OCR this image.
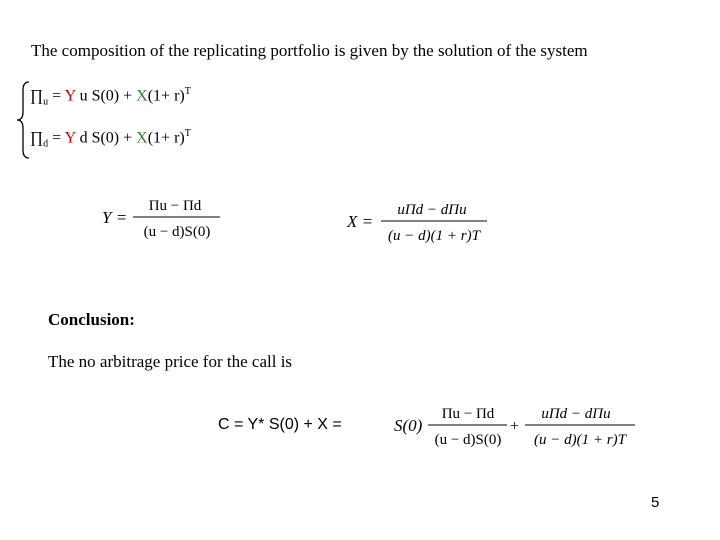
The composition of the replicating portfolio is given by the solution of the system
$\prod_u = Y$ u $S(0) + X(1+ r)^T$
$\prod_d = Y$ d $S(0) + X(1+ r)^T$
Y =
Πu − Πd
(u − d)S(0)
X =
uΠd − dΠu
(u − d)(1 + r)T
Conclusion:
The no arbitrage price for the call is
C = Y* S(0) + X =	S(0)
Πu − Πd
(u − d)S(0)
+
uΠd − dΠu
(u − d)(1 + r)T
5
